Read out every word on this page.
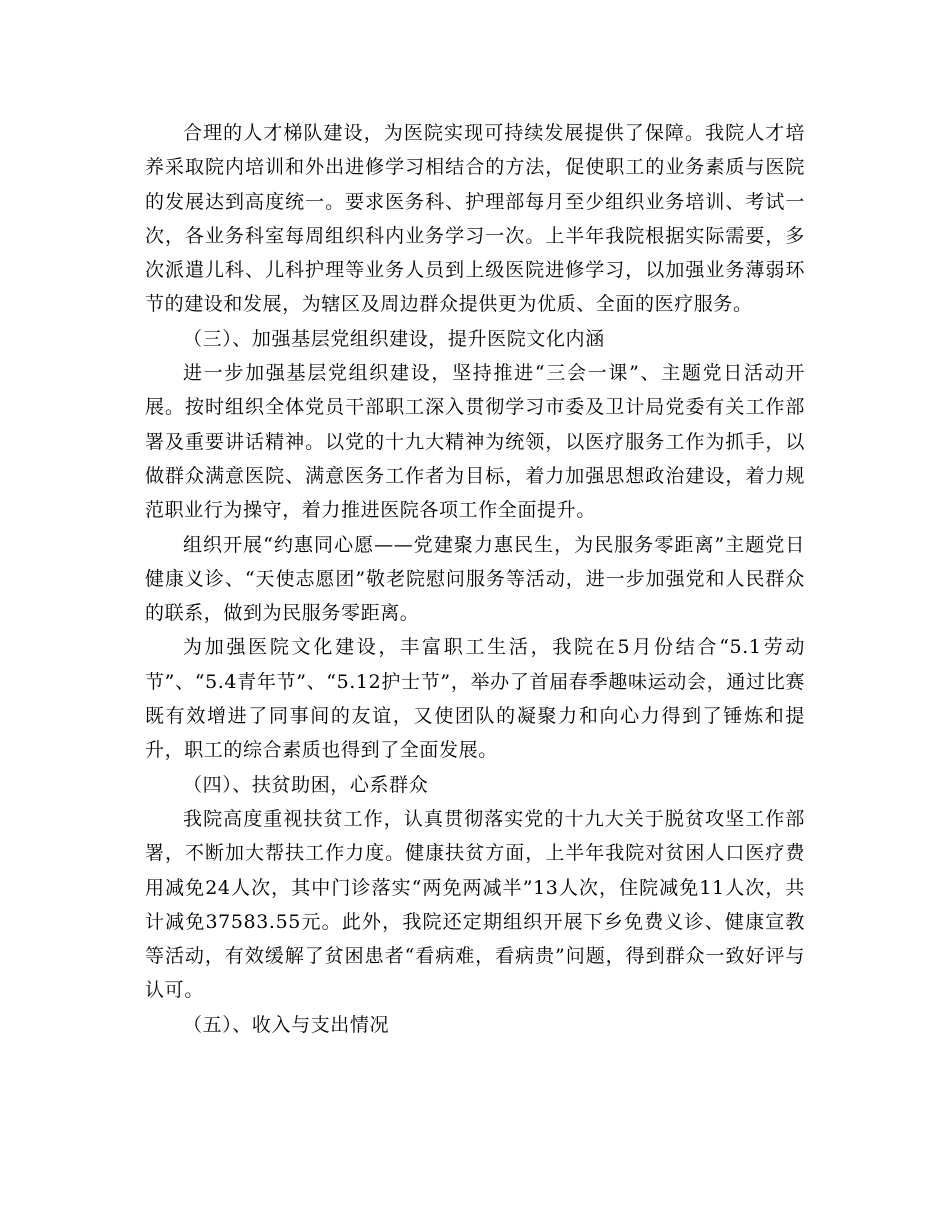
合理的人才梯队建设，为医院实现可持续发展提供了保障。我院人才培养采取院内培训和外出进修学习相结合的方法，促使职工的业务素质与医院的发展达到高度统一。要求医务科、护理部每月至少组织业务培训、考试一次，各业务科室每周组织科内业务学习一次。上半年我院根据实际需要，多次派遣儿科、儿科护理等业务人员到上级医院进修学习，以加强业务薄弱环节的建设和发展，为辖区及周边群众提供更为优质、全面的医疗服务。

（三）、加强基层党组织建设，提升医院文化内涵

进一步加强基层党组织建设，坚持推进“三会一课”、主题党日活动开展。按时组织全体党员干部职工深入贯彻学习市委及卫计局党委有关工作部署及重要讲话精神。以党的十九大精神为统领，以医疗服务工作为抓手，以做群众满意医院、满意医务工作者为目标，着力加强思想政治建设，着力规范职业行为操守，着力推进医院各项工作全面提升。

组织开展“约惠同心愿——党建聚力惠民生，为民服务零距离”主题党日健康义诊、“天使志愿团”敬老院慰问服务等活动，进一步加强党和人民群众的联系，做到为民服务零距离。

为加强医院文化建设，丰富职工生活，我院在5月份结合“5.1劳动节”、“5.4青年节”、“5.12护士节”，举办了首届春季趣味运动会，通过比赛既有效增进了同事间的友谊，又使团队的凝聚力和向心力得到了锤炼和提升，职工的综合素质也得到了全面发展。

（四）、扶贫助困，心系群众

我院高度重视扶贫工作，认真贯彻落实党的十九大关于脱贫攻坚工作部署，不断加大帮扶工作力度。健康扶贫方面，上半年我院对贫困人口医疗费用减免24人次，其中门诊落实“两免两减半”13人次，住院减免11人次，共计减免37583.55元。此外，我院还定期组织开展下乡免费义诊、健康宣教等活动，有效缓解了贫困患者“看病难，看病贵”问题，得到群众一致好评与认可。

（五）、收入与支出情况
